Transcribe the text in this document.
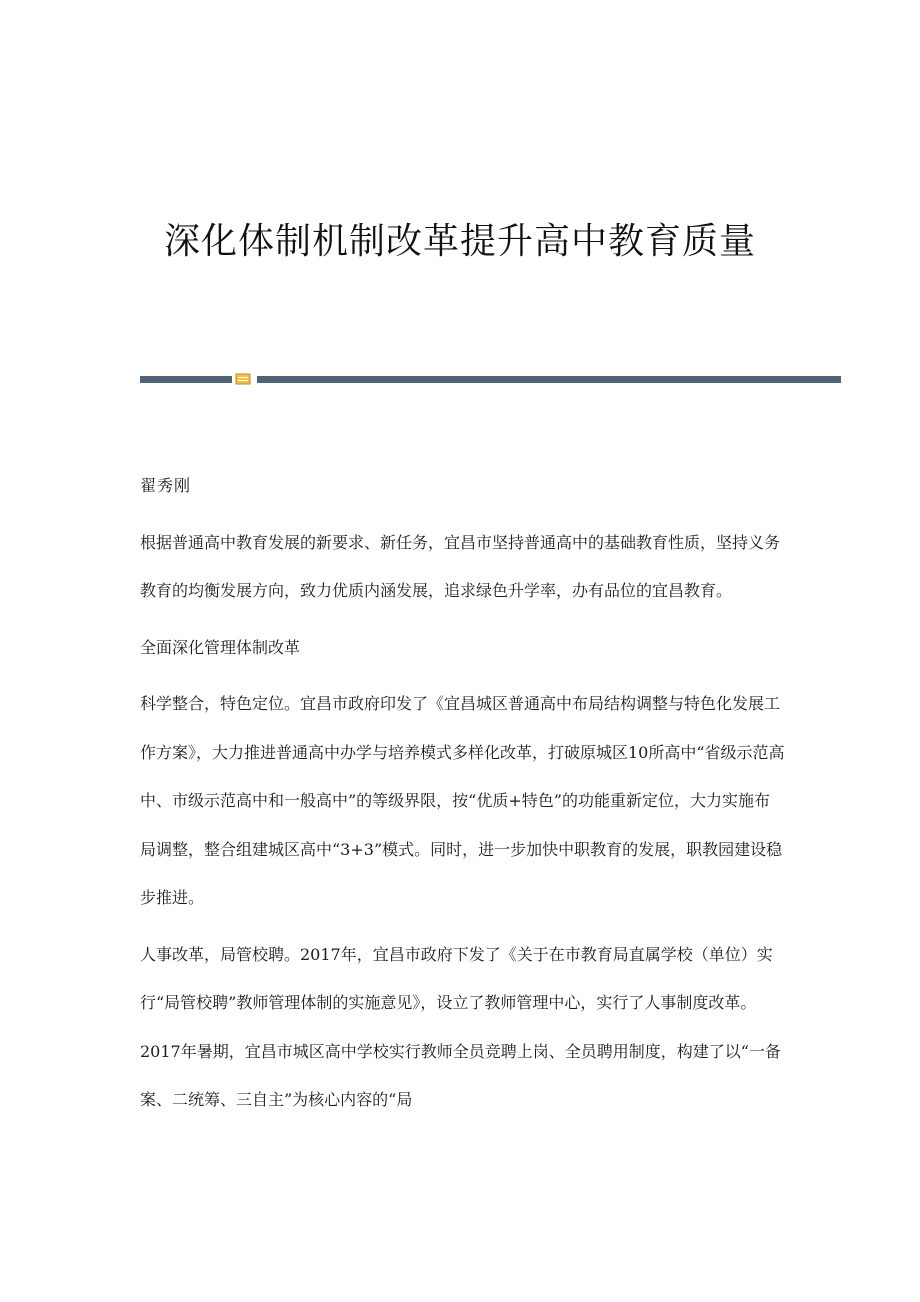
深化体制机制改革提升高中教育质量

翟秀刚

根据普通高中教育发展的新要求、新任务，宜昌市坚持普通高中的基础教育性质，坚持义务教育的均衡发展方向，致力优质内涵发展，追求绿色升学率，办有品位的宜昌教育。

全面深化管理体制改革

科学整合，特色定位。宜昌市政府印发了《宜昌城区普通高中布局结构调整与特色化发展工作方案》，大力推进普通高中办学与培养模式多样化改革，打破原城区10所高中“省级示范高中、市级示范高中和一般高中”的等级界限，按“优质+特色”的功能重新定位，大力实施布局调整，整合组建城区高中“3+3”模式。同时，进一步加快中职教育的发展，职教园建设稳步推进。

人事改革，局管校聘。2017年，宜昌市政府下发了《关于在市教育局直属学校（单位）实行“局管校聘”教师管理体制的实施意见》，设立了教师管理中心，实行了人事制度改革。2017年暑期，宜昌市城区高中学校实行教师全员竞聘上岗、全员聘用制度，构建了以“一备案、二统筹、三自主”为核心内容的“局
